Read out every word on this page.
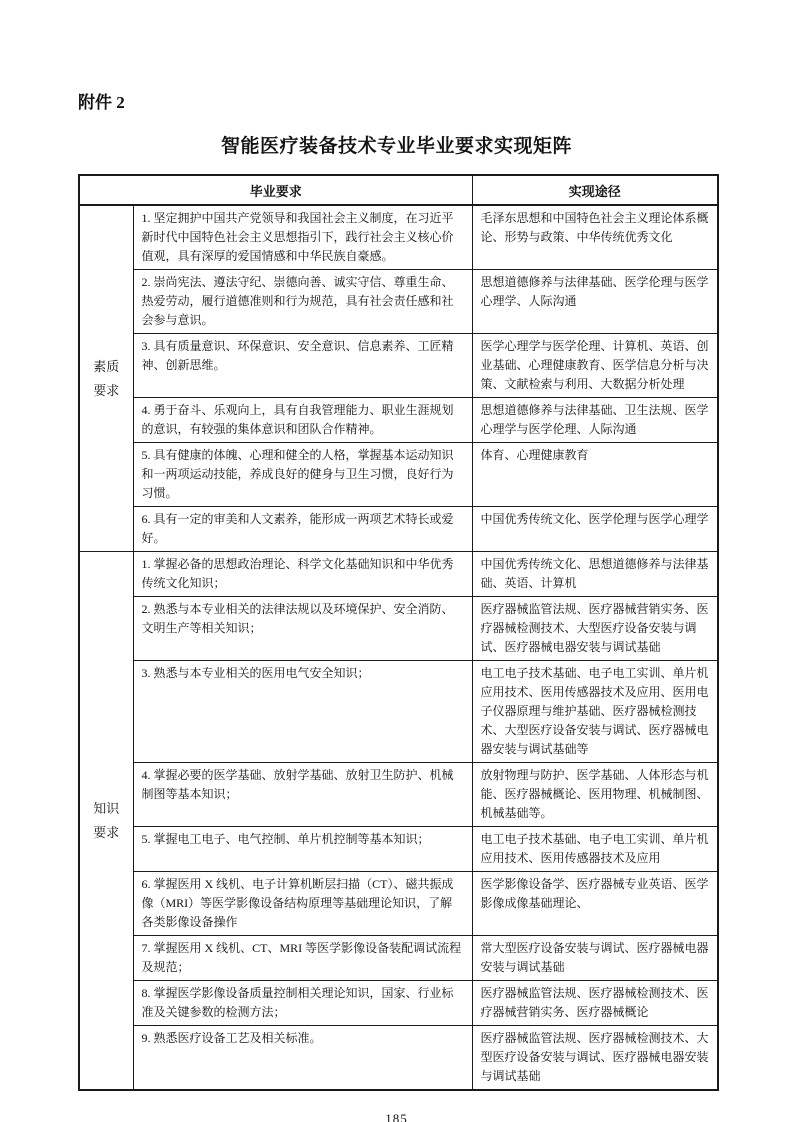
附件 2
智能医疗装备技术专业毕业要求实现矩阵
毕业要求		实现途径
素质要求	1. 坚定拥护中国共产党领导和我国社会主义制度，在习近平新时代中国特色社会主义思想指引下，践行社会主义核心价值观，具有深厚的爱国情感和中华民族自豪感。	毛泽东思想和中国特色社会主义理论体系概论、形势与政策、中华传统优秀文化
	2. 崇尚宪法、遵法守纪、崇德向善、诚实守信、尊重生命、热爱劳动，履行道德准则和行为规范，具有社会责任感和社会参与意识。	思想道德修养与法律基础、医学伦理与医学心理学、人际沟通
	3. 具有质量意识、环保意识、安全意识、信息素养、工匠精神、创新思维。	医学心理学与医学伦理、计算机、英语、创业基础、心理健康教育、医学信息分析与决策、文献检索与利用、大数据分析处理
	4. 勇于奋斗、乐观向上，具有自我管理能力、职业生涯规划的意识，有较强的集体意识和团队合作精神。	思想道德修养与法律基础、卫生法规、医学心理学与医学伦理、人际沟通
	5. 具有健康的体魄、心理和健全的人格，掌握基本运动知识和一两项运动技能，养成良好的健身与卫生习惯，良好行为习惯。	体育、心理健康教育
	6. 具有一定的审美和人文素养，能形成一两项艺术特长或爱好。	中国优秀传统文化、医学伦理与医学心理学
知识要求	1. 掌握必备的思想政治理论、科学文化基础知识和中华优秀传统文化知识；	中国优秀传统文化、思想道德修养与法律基础、英语、计算机
	2. 熟悉与本专业相关的法律法规以及环境保护、安全消防、文明生产等相关知识；	医疗器械监管法规、医疗器械营销实务、医疗器械检测技术、大型医疗设备安装与调试、医疗器械电器安装与调试基础
	3. 熟悉与本专业相关的医用电气安全知识；	电工电子技术基础、电子电工实训、单片机应用技术、医用传感器技术及应用、医用电子仪器原理与维护基础、医疗器械检测技术、大型医疗设备安装与调试、医疗器械电器安装与调试基础等
	4. 掌握必要的医学基础、放射学基础、放射卫生防护、机械制图等基本知识；	放射物理与防护、医学基础、人体形态与机能、医疗器械概论、医用物理、机械制图、机械基础等。
	5. 掌握电工电子、电气控制、单片机控制等基本知识；	电工电子技术基础、电子电工实训、单片机应用技术、医用传感器技术及应用
	6. 掌握医用 X 线机、电子计算机断层扫描（CT）、磁共振成像（MRI）等医学影像设备结构原理等基础理论知识，了解各类影像设备操作	医学影像设备学、医疗器械专业英语、医学影像成像基础理论、
	7. 掌握医用 X 线机、CT、MRI 等医学影像设备装配调试流程及规范；	常大型医疗设备安装与调试、医疗器械电器安装与调试基础
	8. 掌握医学影像设备质量控制相关理论知识，国家、行业标准及关键参数的检测方法；	医疗器械监管法规、医疗器械检测技术、医疗器械营销实务、医疗器械概论
	9. 熟悉医疗设备工艺及相关标准。	医疗器械监管法规、医疗器械检测技术、大型医疗设备安装与调试、医疗器械电器安装与调试基础
185
